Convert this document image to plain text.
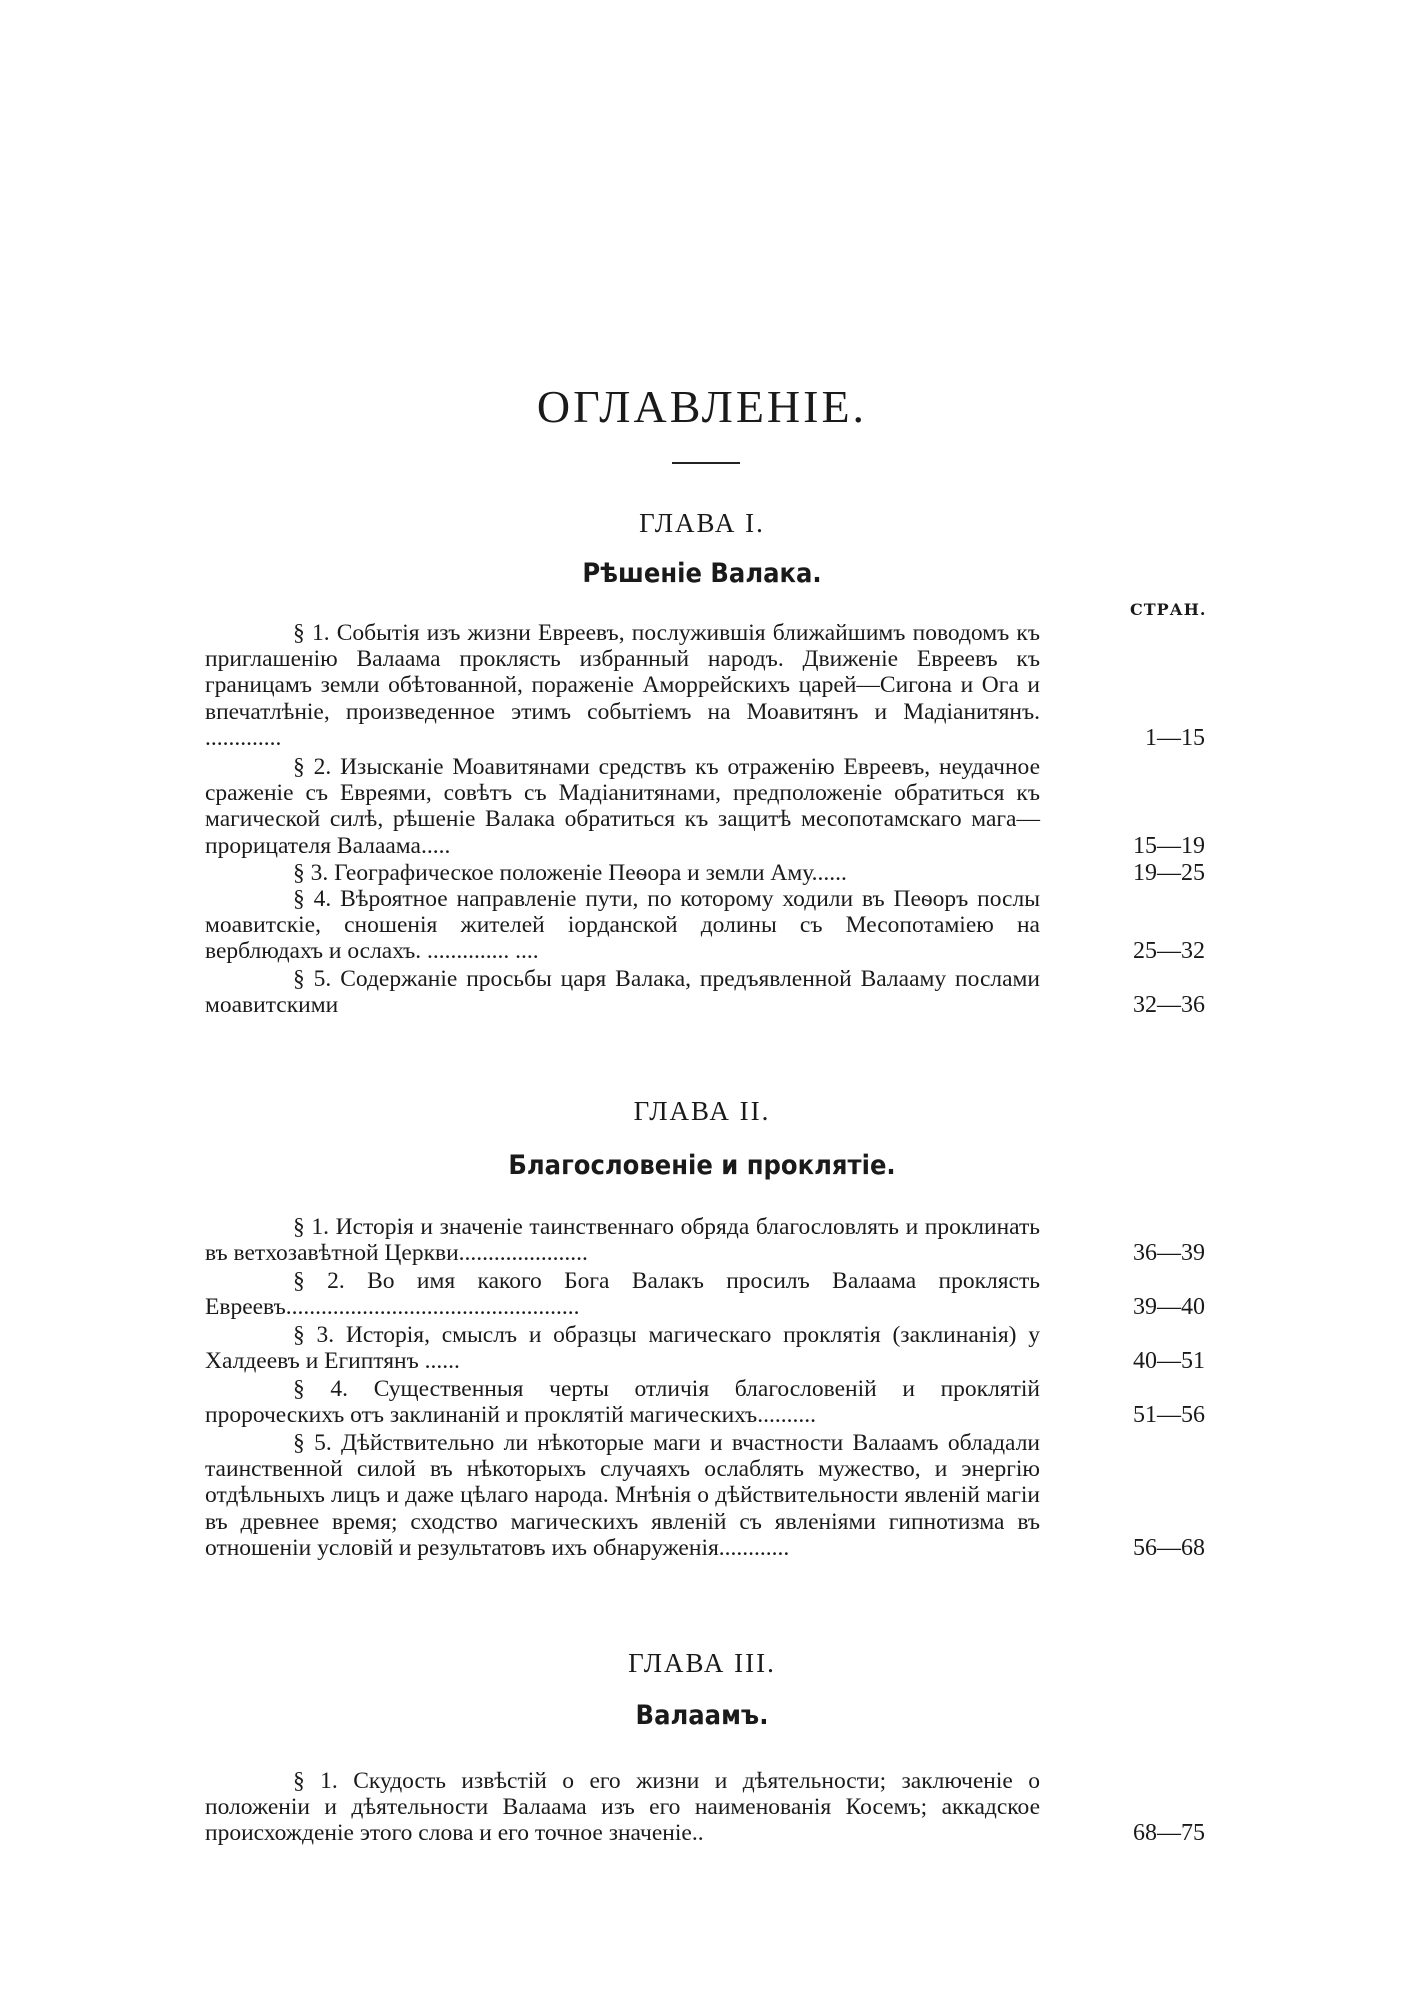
ОГЛАВЛЕНІЕ.
ГЛАВА I.
Рѣшеніе Валака.
СТРАН.

§ 1. Событія изъ жизни Евреевъ, послужившія ближайшимъ поводомъ къ приглашенію Валаама проклясть избранный народъ. Движеніе Евреевъ къ границамъ земли обѣтованной, пораженіе Аморрейскихъ царей—Сигона и Ога и впечатлѣніе, произведенное этимъ событіемъ на Моавитянъ и Мадіанитянъ. .............	1—15

§ 2. Изысканіе Моавитянами средствъ къ отраженію Евреевъ, неудачное сраженіе съ Евреями, совѣтъ съ Мадіанитянами, предположеніе обратиться къ магической силѣ, рѣшеніе Валака обратиться къ защитѣ месопотамскаго мага—прорицателя Валаама.....	15—19

§ 3. Географическое положеніе Пеѳора и земли Аму......	19—25

§ 4. Вѣроятное направленіе пути, по которому ходили въ Пеѳоръ послы моавитскіе, сношенія жителей іорданской долины съ Месопотаміею на верблюдахъ и ослахъ. .............. ....	25—32

§ 5. Содержаніе просьбы царя Валака, предъявленной Валааму послами моавитскими	32—36
ГЛАВА II.
Благословеніе и проклятіе.

§ 1. Исторія и значеніе таинственнаго обряда благословлять и проклинать въ ветхозавѣтной Церкви......................	36—39

§ 2. Во имя какого Бога Валакъ просилъ Валаама проклясть Евреевъ..................................................	39—40

§ 3. Исторія, смыслъ и образцы магическаго проклятія (заклинанія) у Халдеевъ и Египтянъ ......	40—51

§ 4. Существенныя черты отличія благословеній и проклятій пророческихъ отъ заклинаній и проклятій магическихъ..........	51—56

§ 5. Дѣйствительно ли нѣкоторые маги и вчастности Валаамъ обладали таинственной силой въ нѣкоторыхъ случаяхъ ослаблять мужество, и энергію отдѣльныхъ лицъ и даже цѣлаго народа. Мнѣнія о дѣйствительности явленій магіи въ древнее время; сходство магическихъ явленій съ явленіями гипнотизма въ отношеніи условій и результатовъ ихъ обнаруженія............	56—68
ГЛАВА III.
Валаамъ.

§ 1. Скудость извѣстій о его жизни и дѣятельности; заключеніе о положеніи и дѣятельности Валаама изъ его наименованія Косемъ; аккадское происхожденіе этого слова и его точное значеніе..	68—75
